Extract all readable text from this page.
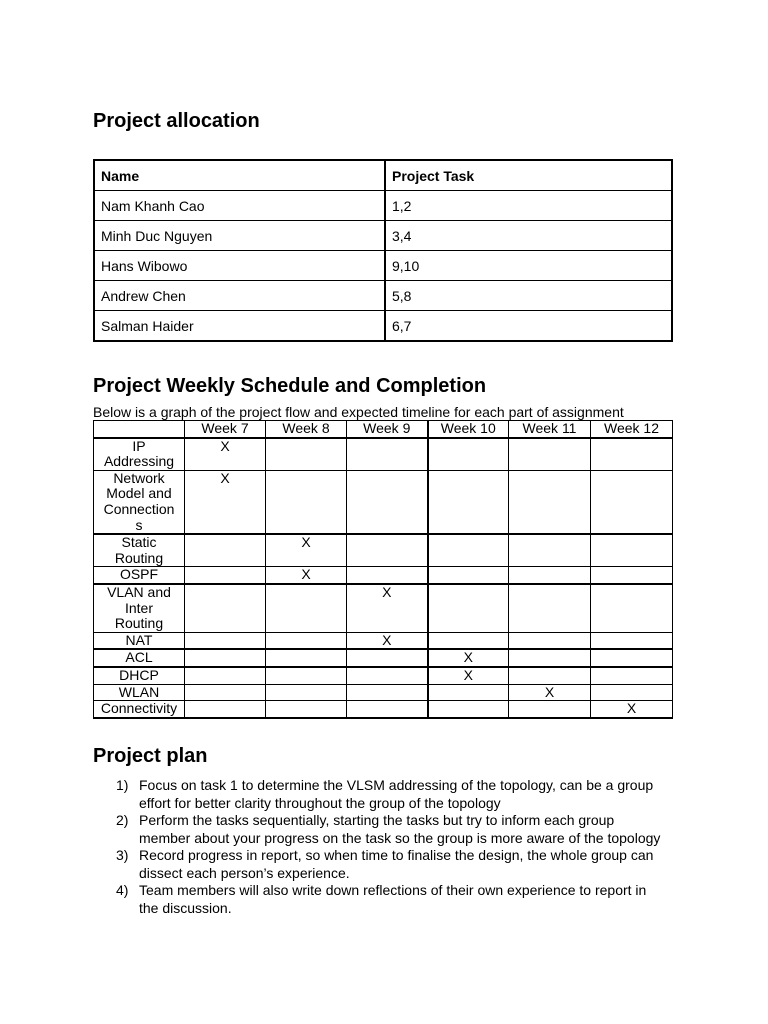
Project allocation
Name	Project Task
Nam Khanh Cao	1,2
Minh Duc Nguyen	3,4
Hans Wibowo	9,10
Andrew Chen	5,8
Salman Haider	6,7
Project Weekly Schedule and Completion
Below is a graph of the project flow and expected timeline for each part of assignment
	Week 7	Week 8	Week 9	Week 10	Week 11	Week 12

IP
Addressing	X					

Network
Model and
Connection
s	X					

Static
Routing		X				

OSPF		X				

VLAN and
Inter
Routing			X			

NAT			X			

ACL				X		

DHCP				X		

WLAN					X	

Connectivity						X
Project plan
1) Focus on task 1 to determine the VLSM addressing of the topology, can be a group
effort for better clarity throughout the group of the topology
2) Perform the tasks sequentially, starting the tasks but try to inform each group
member about your progress on the task so the group is more aware of the topology
3) Record progress in report, so when time to finalise the design, the whole group can
dissect each person’s experience.
4) Team members will also write down reflections of their own experience to report in
the discussion.
